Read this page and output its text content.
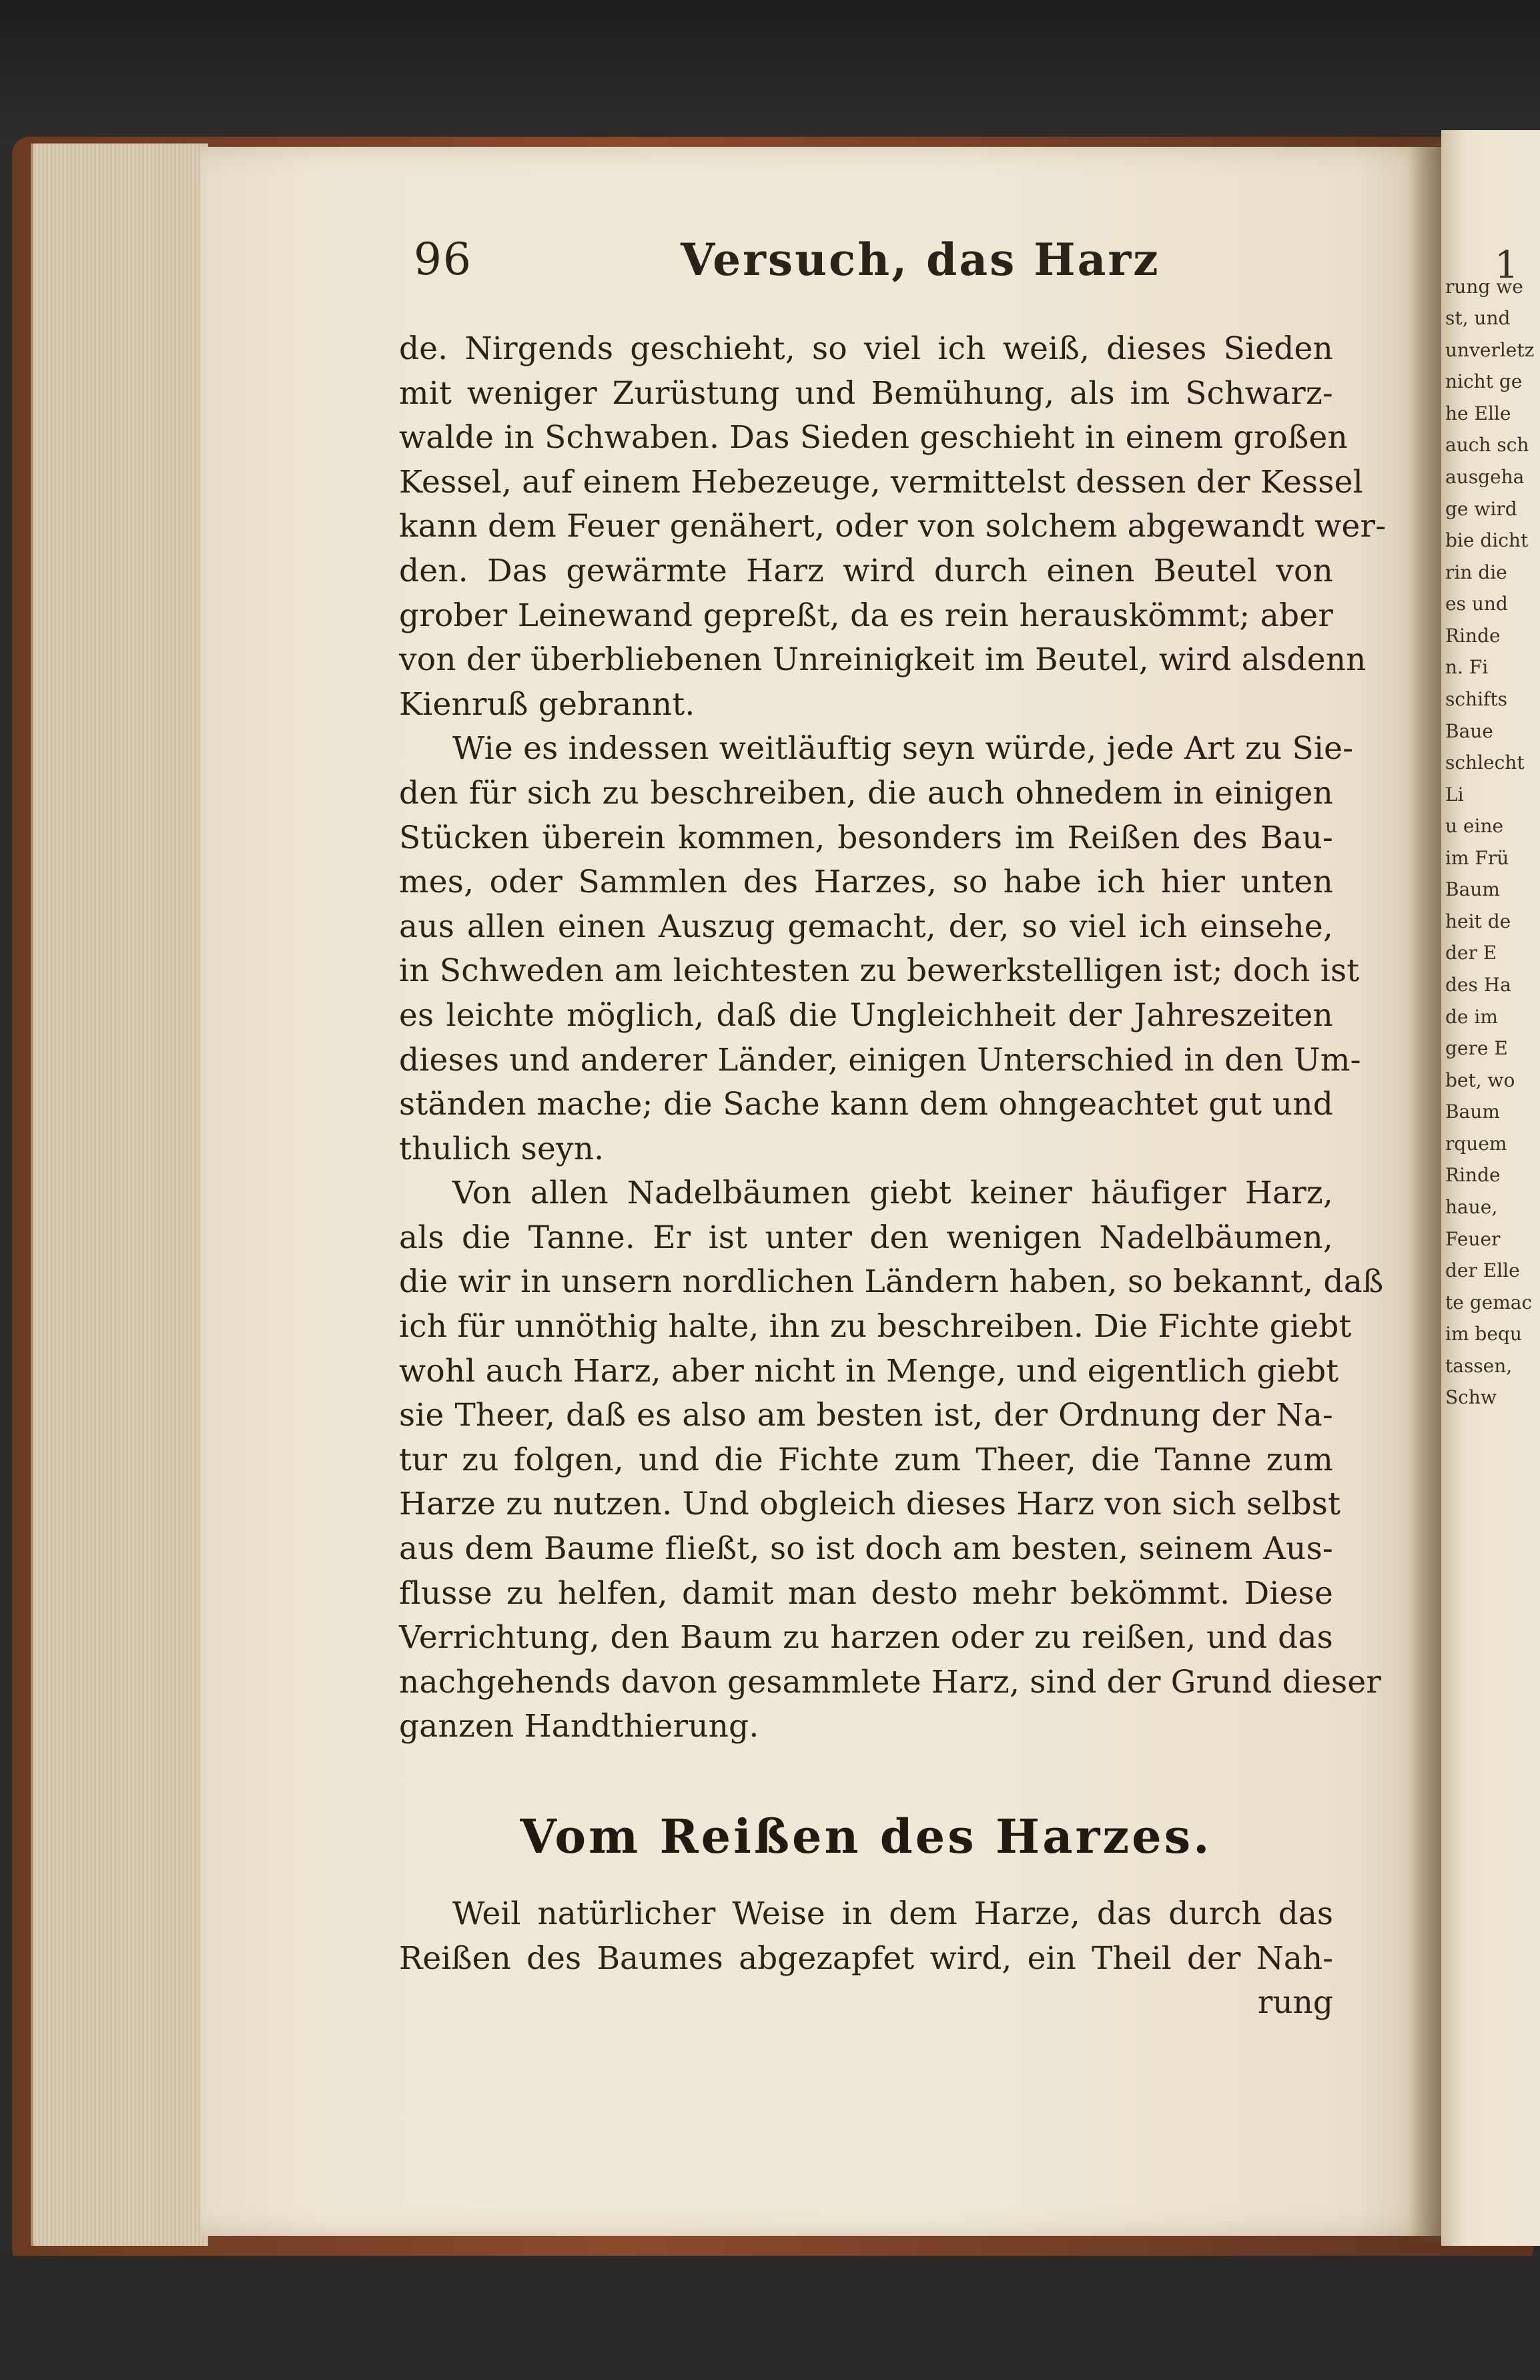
1
rung we
st, und
unverletz
nicht ge
he Elle
auch sch
ausgeha
ge wird
bie dicht
rin die
es und
Rinde
n. Fi
schifts
Baue
schlecht
Li
u eine
im Frü
Baum
heit de
der E
des Ha
de im
gere E
bet, wo
Baum
rquem
Rinde
haue,
Feuer
der Elle
te gemac
im bequ
tassen,
Schw
96	Versuch, das Harz
de. Nirgends geschieht, so viel ich weiß, dieses Sieden
mit weniger Zurüstung und Bemühung, als im Schwarz-
walde in Schwaben. Das Sieden geschieht in einem großen
Kessel, auf einem Hebezeuge, vermittelst dessen der Kessel
kann dem Feuer genähert, oder von solchem abgewandt wer-
den. Das gewärmte Harz wird durch einen Beutel von
grober Leinewand gepreßt, da es rein herauskömmt; aber
von der überbliebenen Unreinigkeit im Beutel, wird alsdenn
Kienruß gebrannt.
Wie es indessen weitläuftig seyn würde, jede Art zu Sie-
den für sich zu beschreiben, die auch ohnedem in einigen
Stücken überein kommen, besonders im Reißen des Bau-
mes, oder Sammlen des Harzes, so habe ich hier unten
aus allen einen Auszug gemacht, der, so viel ich einsehe,
in Schweden am leichtesten zu bewerkstelligen ist; doch ist
es leichte möglich, daß die Ungleichheit der Jahreszeiten
dieses und anderer Länder, einigen Unterschied in den Um-
ständen mache; die Sache kann dem ohngeachtet gut und
thulich seyn.
Von allen Nadelbäumen giebt keiner häufiger Harz,
als die Tanne. Er ist unter den wenigen Nadelbäumen,
die wir in unsern nordlichen Ländern haben, so bekannt, daß
ich für unnöthig halte, ihn zu beschreiben. Die Fichte giebt
wohl auch Harz, aber nicht in Menge, und eigentlich giebt
sie Theer, daß es also am besten ist, der Ordnung der Na-
tur zu folgen, und die Fichte zum Theer, die Tanne zum
Harze zu nutzen. Und obgleich dieses Harz von sich selbst
aus dem Baume fließt, so ist doch am besten, seinem Aus-
flusse zu helfen, damit man desto mehr bekömmt. Diese
Verrichtung, den Baum zu harzen oder zu reißen, und das
nachgehends davon gesammlete Harz, sind der Grund dieser
ganzen Handthierung.
Vom Reißen des Harzes.
Weil natürlicher Weise in dem Harze, das durch das
Reißen des Baumes abgezapfet wird, ein Theil der Nah-
rung
